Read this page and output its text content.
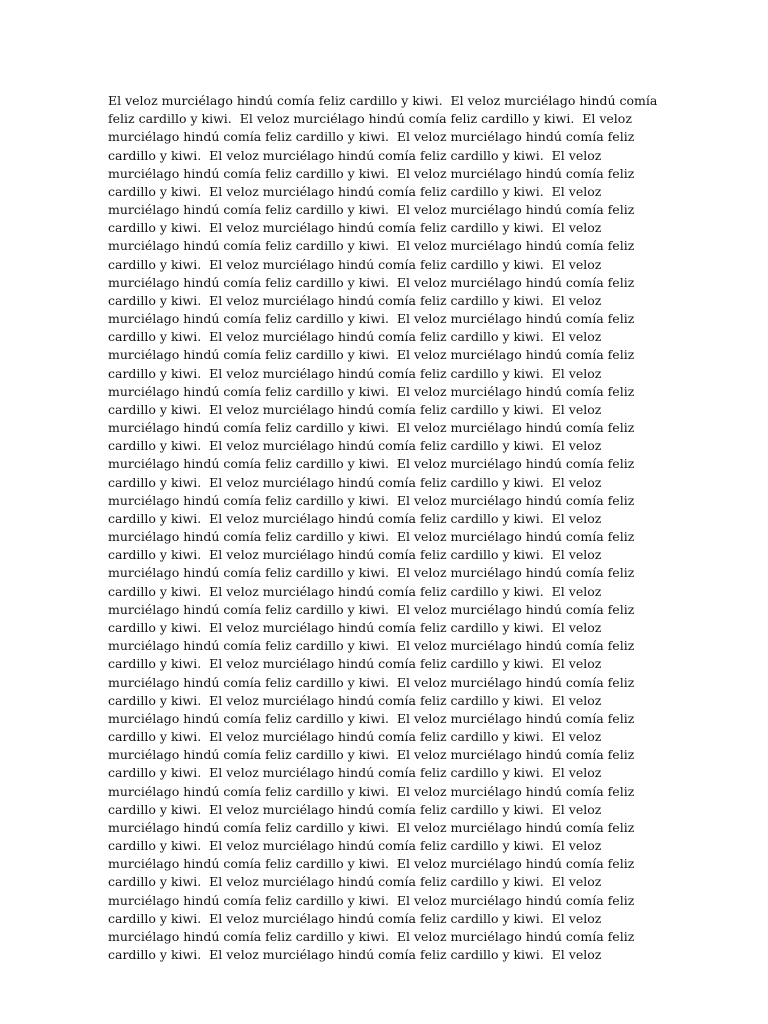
El veloz murciélago hindú comía feliz cardillo y kiwi.  El veloz murciélago hindú comía
feliz cardillo y kiwi.  El veloz murciélago hindú comía feliz cardillo y kiwi.  El veloz
murciélago hindú comía feliz cardillo y kiwi.  El veloz murciélago hindú comía feliz
cardillo y kiwi.  El veloz murciélago hindú comía feliz cardillo y kiwi.  El veloz
murciélago hindú comía feliz cardillo y kiwi.  El veloz murciélago hindú comía feliz
cardillo y kiwi.  El veloz murciélago hindú comía feliz cardillo y kiwi.  El veloz
murciélago hindú comía feliz cardillo y kiwi.  El veloz murciélago hindú comía feliz
cardillo y kiwi.  El veloz murciélago hindú comía feliz cardillo y kiwi.  El veloz
murciélago hindú comía feliz cardillo y kiwi.  El veloz murciélago hindú comía feliz
cardillo y kiwi.  El veloz murciélago hindú comía feliz cardillo y kiwi.  El veloz
murciélago hindú comía feliz cardillo y kiwi.  El veloz murciélago hindú comía feliz
cardillo y kiwi.  El veloz murciélago hindú comía feliz cardillo y kiwi.  El veloz
murciélago hindú comía feliz cardillo y kiwi.  El veloz murciélago hindú comía feliz
cardillo y kiwi.  El veloz murciélago hindú comía feliz cardillo y kiwi.  El veloz
murciélago hindú comía feliz cardillo y kiwi.  El veloz murciélago hindú comía feliz
cardillo y kiwi.  El veloz murciélago hindú comía feliz cardillo y kiwi.  El veloz
murciélago hindú comía feliz cardillo y kiwi.  El veloz murciélago hindú comía feliz
cardillo y kiwi.  El veloz murciélago hindú comía feliz cardillo y kiwi.  El veloz
murciélago hindú comía feliz cardillo y kiwi.  El veloz murciélago hindú comía feliz
cardillo y kiwi.  El veloz murciélago hindú comía feliz cardillo y kiwi.  El veloz
murciélago hindú comía feliz cardillo y kiwi.  El veloz murciélago hindú comía feliz
cardillo y kiwi.  El veloz murciélago hindú comía feliz cardillo y kiwi.  El veloz
murciélago hindú comía feliz cardillo y kiwi.  El veloz murciélago hindú comía feliz
cardillo y kiwi.  El veloz murciélago hindú comía feliz cardillo y kiwi.  El veloz
murciélago hindú comía feliz cardillo y kiwi.  El veloz murciélago hindú comía feliz
cardillo y kiwi.  El veloz murciélago hindú comía feliz cardillo y kiwi.  El veloz
murciélago hindú comía feliz cardillo y kiwi.  El veloz murciélago hindú comía feliz
cardillo y kiwi.  El veloz murciélago hindú comía feliz cardillo y kiwi.  El veloz
murciélago hindú comía feliz cardillo y kiwi.  El veloz murciélago hindú comía feliz
cardillo y kiwi.  El veloz murciélago hindú comía feliz cardillo y kiwi.  El veloz
murciélago hindú comía feliz cardillo y kiwi.  El veloz murciélago hindú comía feliz
cardillo y kiwi.  El veloz murciélago hindú comía feliz cardillo y kiwi.  El veloz
murciélago hindú comía feliz cardillo y kiwi.  El veloz murciélago hindú comía feliz
cardillo y kiwi.  El veloz murciélago hindú comía feliz cardillo y kiwi.  El veloz
murciélago hindú comía feliz cardillo y kiwi.  El veloz murciélago hindú comía feliz
cardillo y kiwi.  El veloz murciélago hindú comía feliz cardillo y kiwi.  El veloz
murciélago hindú comía feliz cardillo y kiwi.  El veloz murciélago hindú comía feliz
cardillo y kiwi.  El veloz murciélago hindú comía feliz cardillo y kiwi.  El veloz
murciélago hindú comía feliz cardillo y kiwi.  El veloz murciélago hindú comía feliz
cardillo y kiwi.  El veloz murciélago hindú comía feliz cardillo y kiwi.  El veloz
murciélago hindú comía feliz cardillo y kiwi.  El veloz murciélago hindú comía feliz
cardillo y kiwi.  El veloz murciélago hindú comía feliz cardillo y kiwi.  El veloz
murciélago hindú comía feliz cardillo y kiwi.  El veloz murciélago hindú comía feliz
cardillo y kiwi.  El veloz murciélago hindú comía feliz cardillo y kiwi.  El veloz
murciélago hindú comía feliz cardillo y kiwi.  El veloz murciélago hindú comía feliz
cardillo y kiwi.  El veloz murciélago hindú comía feliz cardillo y kiwi.  El veloz
murciélago hindú comía feliz cardillo y kiwi.  El veloz murciélago hindú comía feliz
cardillo y kiwi.  El veloz murciélago hindú comía feliz cardillo y kiwi.  El veloz
